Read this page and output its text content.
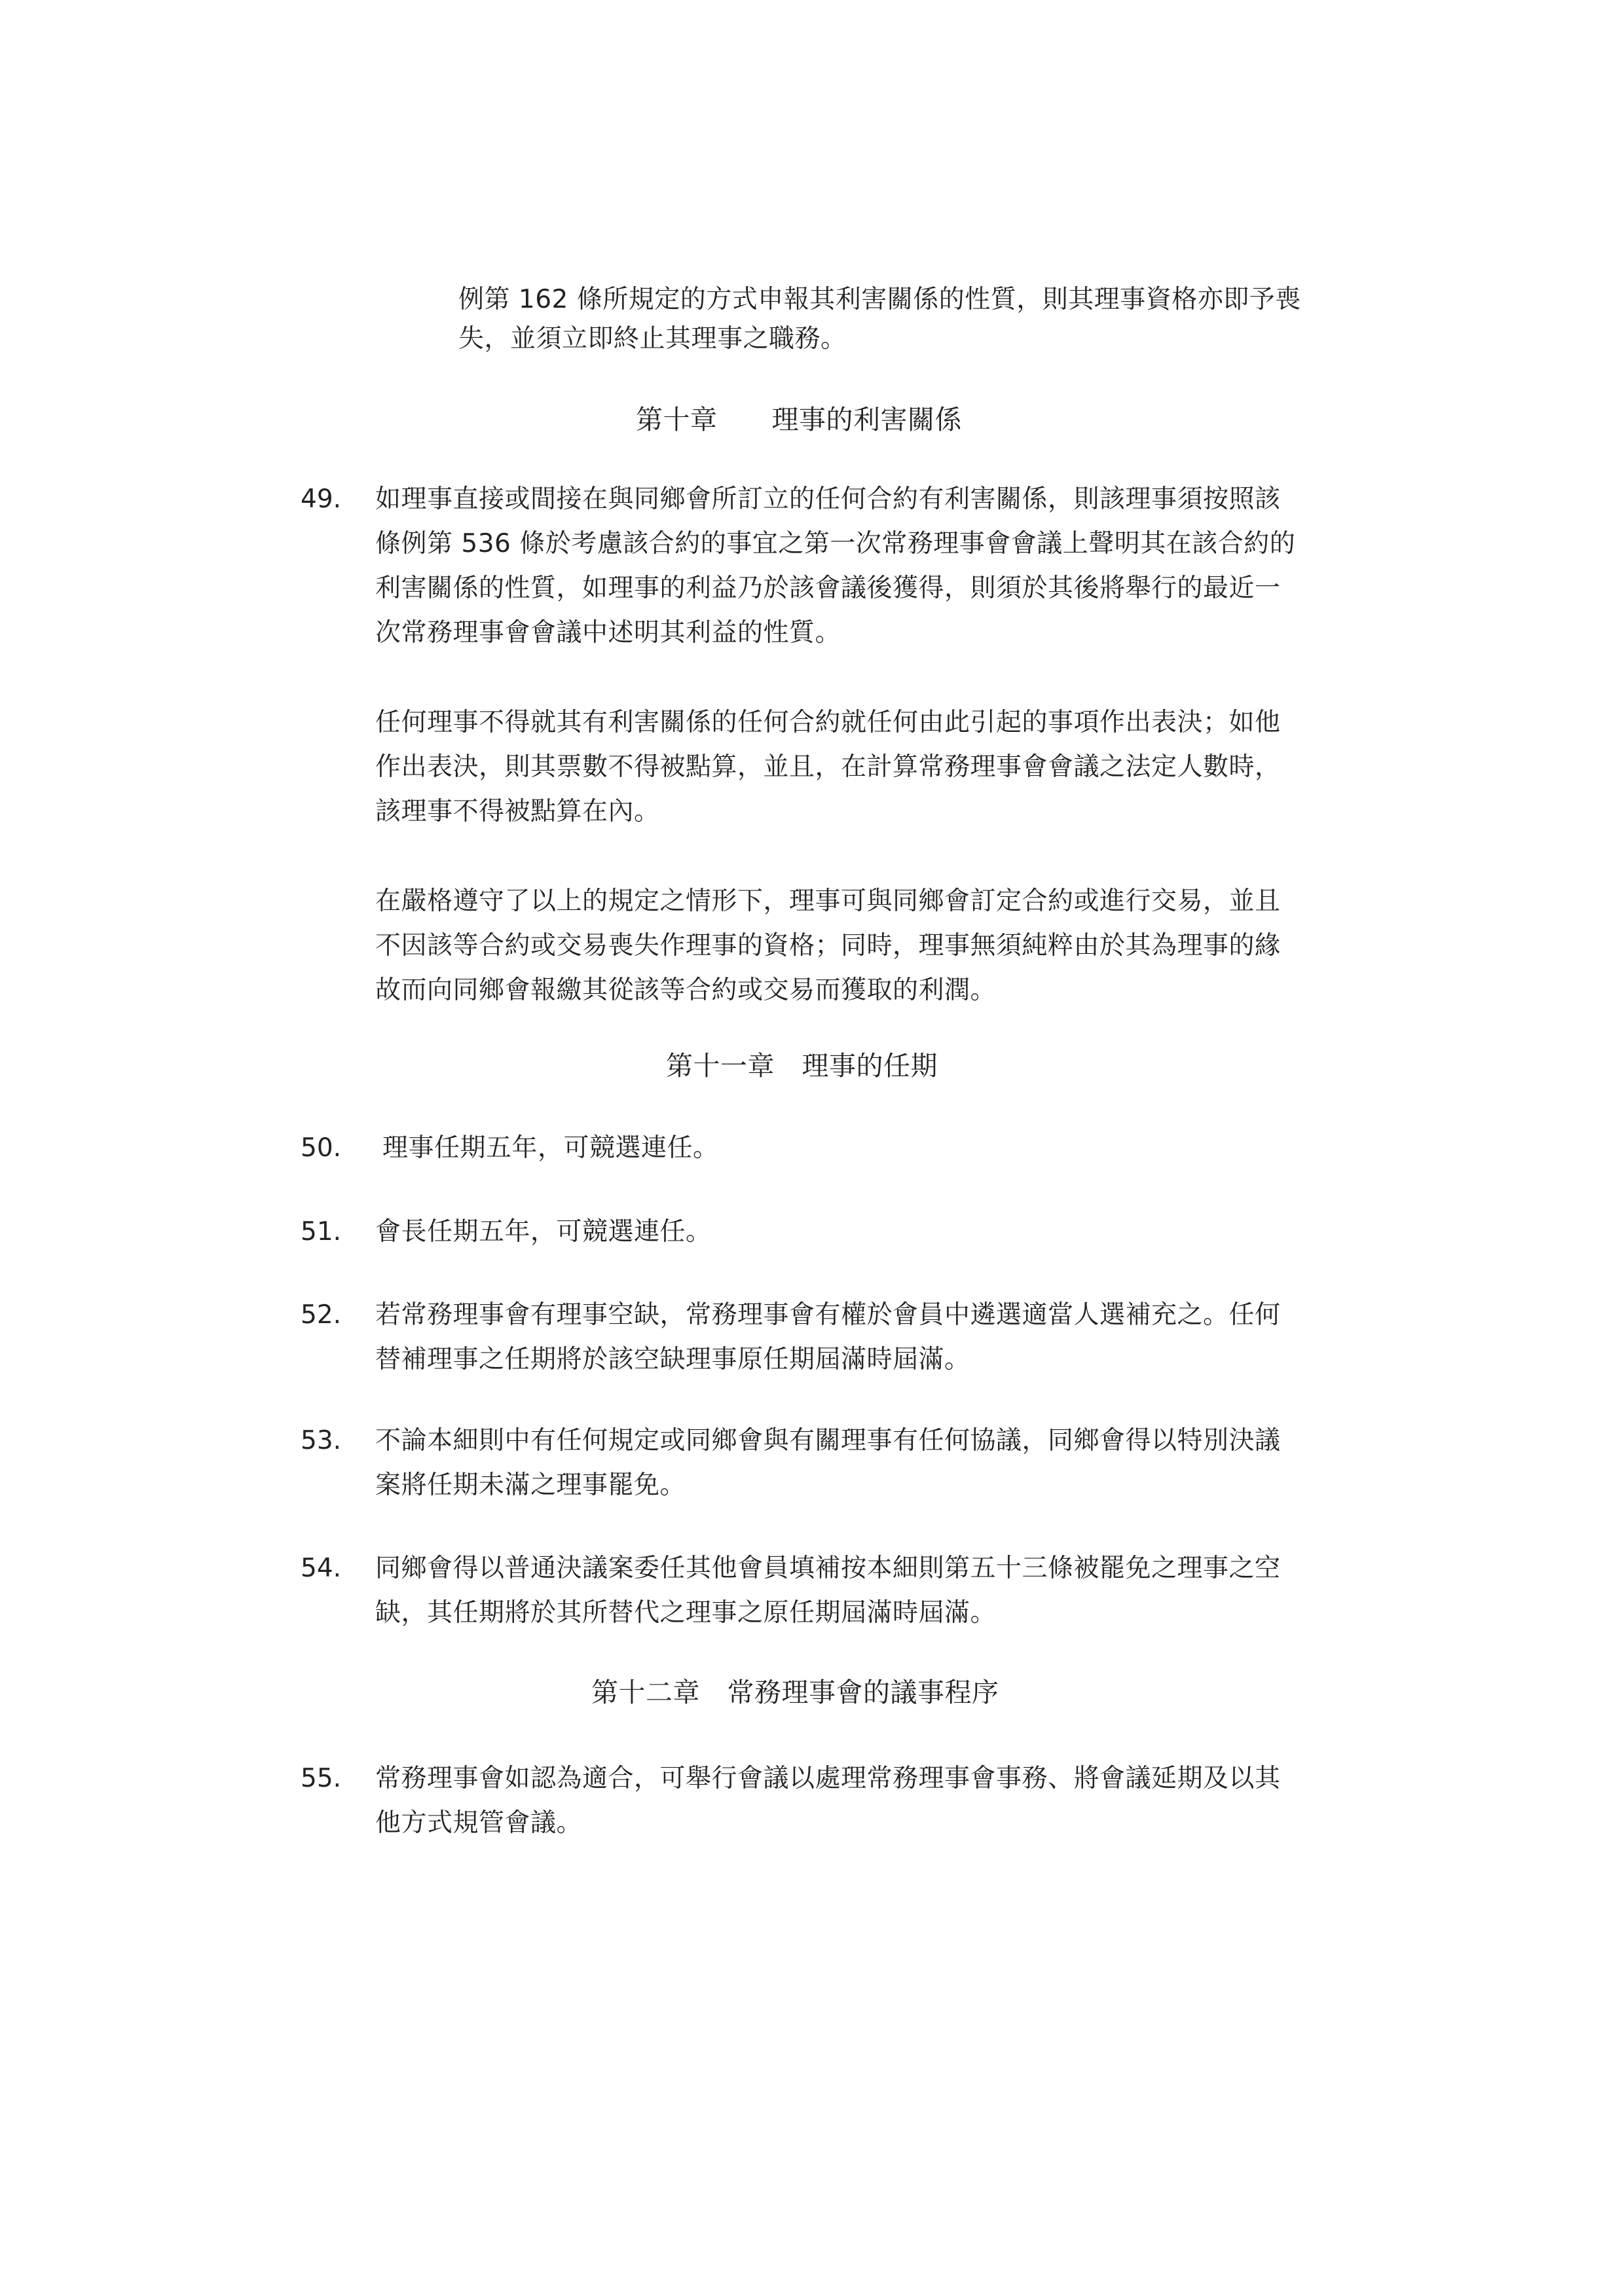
例第 162 條所規定的方式申報其利害關係的性質，則其理事資格亦即予喪
失，並須立即終止其理事之職務。
第十章　　理事的利害關係
49. 如理事直接或間接在與同鄉會所訂立的任何合約有利害關係，則該理事須按照該
條例第 536 條於考慮該合約的事宜之第一次常務理事會會議上聲明其在該合約的
利害關係的性質，如理事的利益乃於該會議後獲得，則須於其後將舉行的最近一
次常務理事會會議中述明其利益的性質。
任何理事不得就其有利害關係的任何合約就任何由此引起的事項作出表決；如他
作出表決，則其票數不得被點算，並且，在計算常務理事會會議之法定人數時，
該理事不得被點算在內。
在嚴格遵守了以上的規定之情形下，理事可與同鄉會訂定合約或進行交易，並且
不因該等合約或交易喪失作理事的資格；同時，理事無須純粹由於其為理事的緣
故而向同鄉會報繳其從該等合約或交易而獲取的利潤。
第十一章　理事的任期
50. 理事任期五年，可競選連任。
51. 會長任期五年，可競選連任。
52. 若常務理事會有理事空缺，常務理事會有權於會員中遴選適當人選補充之。任何
替補理事之任期將於該空缺理事原任期屆滿時屆滿。
53. 不論本細則中有任何規定或同鄉會與有關理事有任何協議，同鄉會得以特別決議
案將任期未滿之理事罷免。
54. 同鄉會得以普通決議案委任其他會員填補按本細則第五十三條被罷免之理事之空
缺，其任期將於其所替代之理事之原任期屆滿時屆滿。
第十二章　常務理事會的議事程序
55. 常務理事會如認為適合，可舉行會議以處理常務理事會事務、將會議延期及以其
他方式規管會議。
